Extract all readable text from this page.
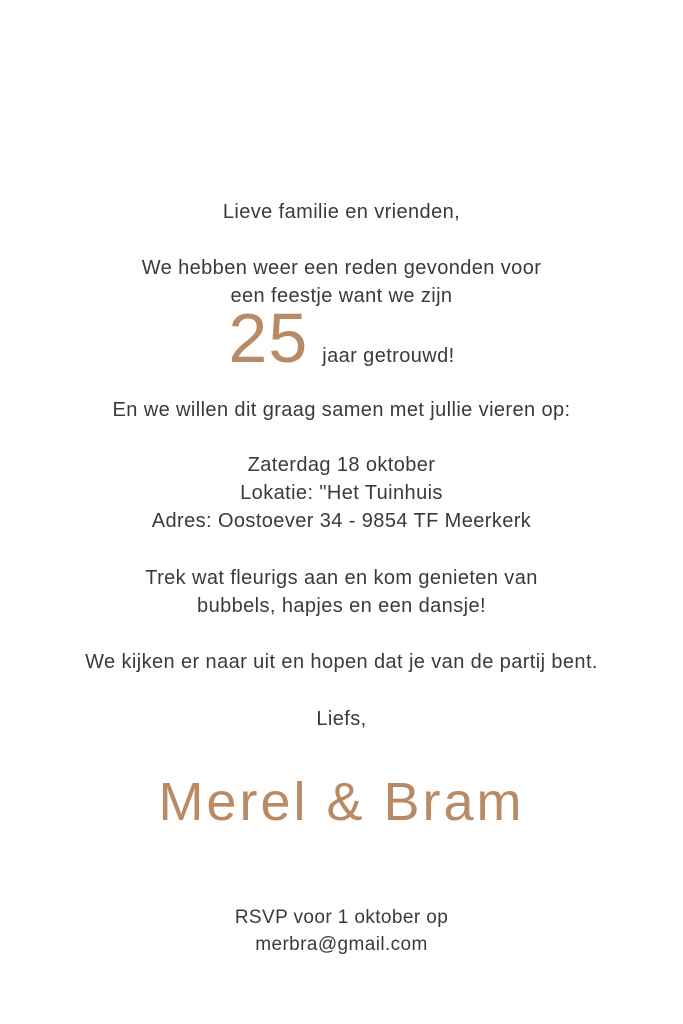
Lieve familie en vrienden,
We hebben weer een reden gevonden voor
een feestje want we zijn
25 jaar getrouwd!
En we willen dit graag samen met jullie vieren op:
Zaterdag 18 oktober
Lokatie: "Het Tuinhuis
Adres: Oostoever 34 - 9854 TF Meerkerk
Trek wat fleurigs aan en kom genieten van
bubbels, hapjes en een dansje!
We kijken er naar uit en hopen dat je van de partij bent.
Liefs,
Merel & Bram
RSVP voor 1 oktober op
merbra@gmail.com
